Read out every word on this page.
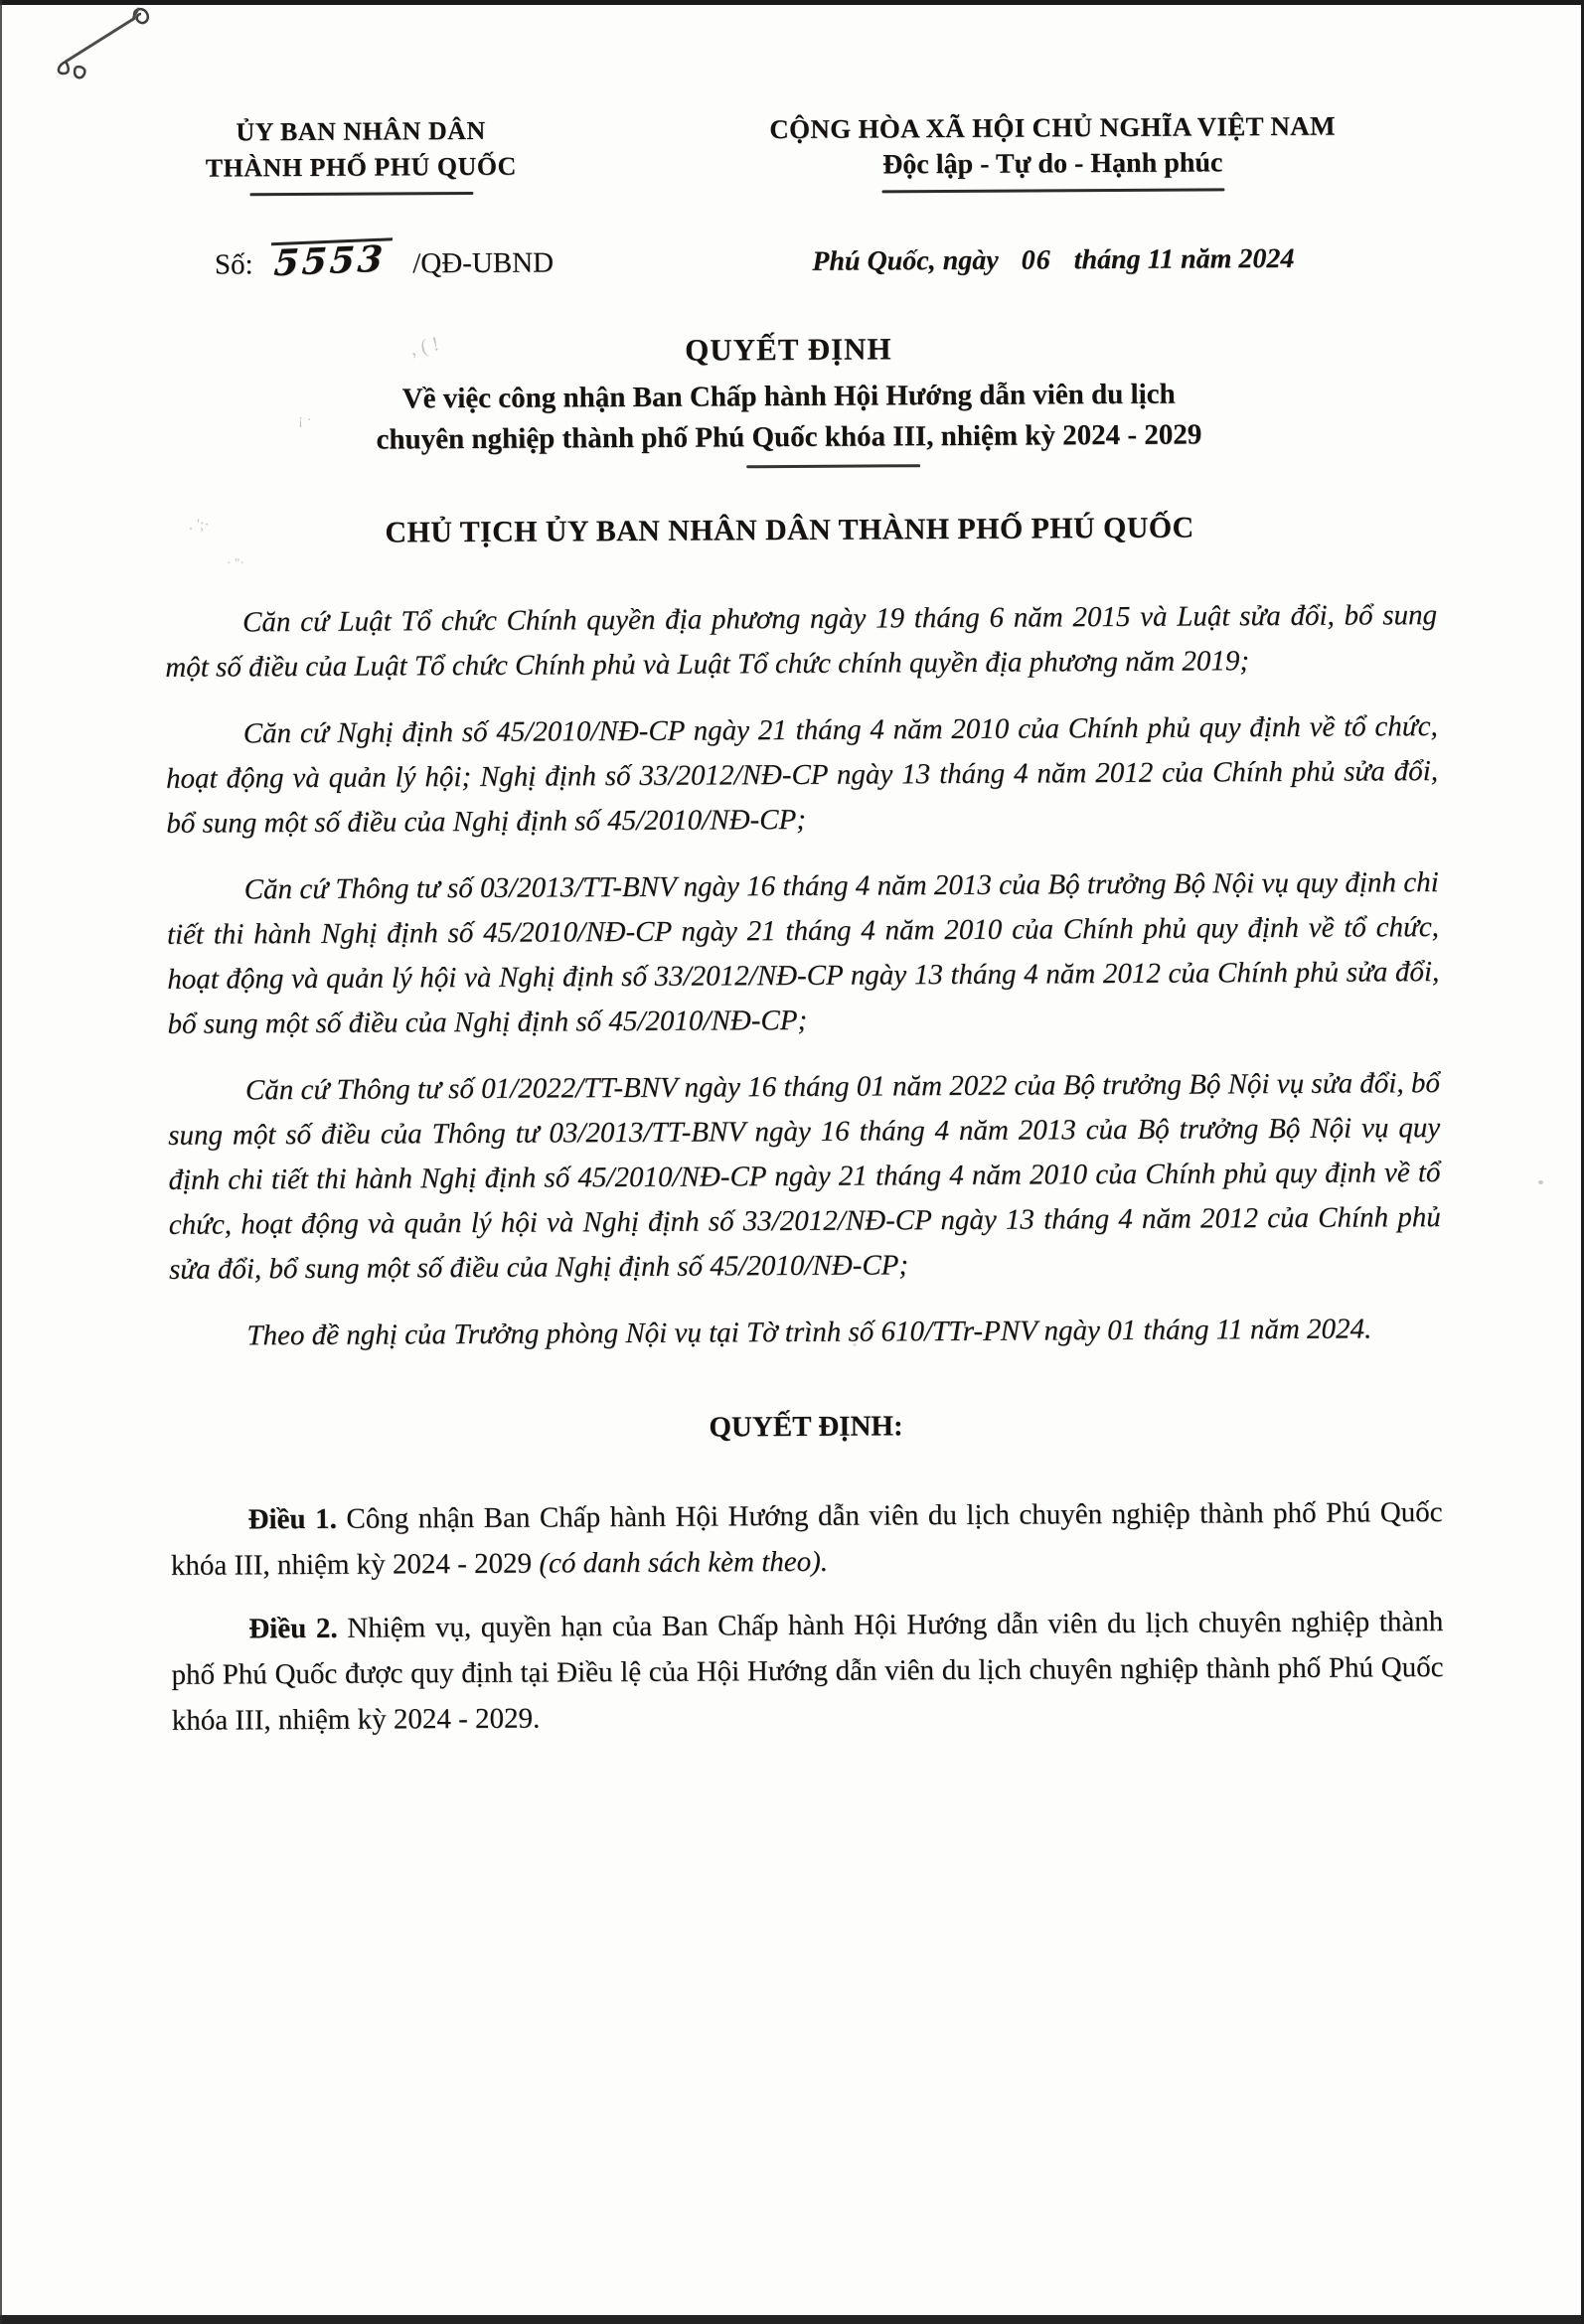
‚ ( !
. ';·
· ''·
¡ ·
ỦY BAN NHÂN DÂN
THÀNH PHỐ PHÚ QUỐC
CỘNG HÒA XÃ HỘI CHỦ NGHĨA VIỆT NAM
Độc lập - Tự do - Hạnh phúc
Số: 5553 /QĐ-UBND	Phú Quốc, ngày 06 tháng 11 năm 2024
QUYẾT ĐỊNH
Về việc công nhận Ban Chấp hành Hội Hướng dẫn viên du lịch
chuyên nghiệp thành phố Phú Quốc khóa III, nhiệm kỳ 2024 - 2029
CHỦ TỊCH ỦY BAN NHÂN DÂN THÀNH PHỐ PHÚ QUỐC

Căn cứ Luật Tổ chức Chính quyền địa phương ngày 19 tháng 6 năm 2015 và Luật sửa đổi, bổ sung một số điều của Luật Tổ chức Chính phủ và Luật Tổ chức chính quyền địa phương năm 2019;

Căn cứ Nghị định số 45/2010/NĐ-CP ngày 21 tháng 4 năm 2010 của Chính phủ quy định về tổ chức, hoạt động và quản lý hội; Nghị định số 33/2012/NĐ-CP ngày 13 tháng 4 năm 2012 của Chính phủ sửa đổi, bổ sung một số điều của Nghị định số 45/2010/NĐ-CP;

Căn cứ Thông tư số 03/2013/TT-BNV ngày 16 tháng 4 năm 2013 của Bộ trưởng Bộ Nội vụ quy định chi tiết thi hành Nghị định số 45/2010/NĐ-CP ngày 21 tháng 4 năm 2010 của Chính phủ quy định về tổ chức, hoạt động và quản lý hội và Nghị định số 33/2012/NĐ-CP ngày 13 tháng 4 năm 2012 của Chính phủ sửa đổi, bổ sung một số điều của Nghị định số 45/2010/NĐ-CP;

Căn cứ Thông tư số 01/2022/TT-BNV ngày 16 tháng 01 năm 2022 của Bộ trưởng Bộ Nội vụ sửa đổi, bổ sung một số điều của Thông tư 03/2013/TT-BNV ngày 16 tháng 4 năm 2013 của Bộ trưởng Bộ Nội vụ quy định chi tiết thi hành Nghị định số 45/2010/NĐ-CP ngày 21 tháng 4 năm 2010 của Chính phủ quy định về tổ chức, hoạt động và quản lý hội và Nghị định số 33/2012/NĐ-CP ngày 13 tháng 4 năm 2012 của Chính phủ sửa đổi, bổ sung một số điều của Nghị định số 45/2010/NĐ-CP;

Theo đề nghị của Trưởng phòng Nội vụ tại Tờ trình số 610/TTr-PNV ngày 01 tháng 11 năm 2024.

QUYẾT ĐỊNH:

Điều 1. Công nhận Ban Chấp hành Hội Hướng dẫn viên du lịch chuyên nghiệp thành phố Phú Quốc khóa III, nhiệm kỳ 2024 - 2029 (có danh sách kèm theo).

Điều 2. Nhiệm vụ, quyền hạn của Ban Chấp hành Hội Hướng dẫn viên du lịch chuyên nghiệp thành phố Phú Quốc được quy định tại Điều lệ của Hội Hướng dẫn viên du lịch chuyên nghiệp thành phố Phú Quốc khóa III, nhiệm kỳ 2024 - 2029.
